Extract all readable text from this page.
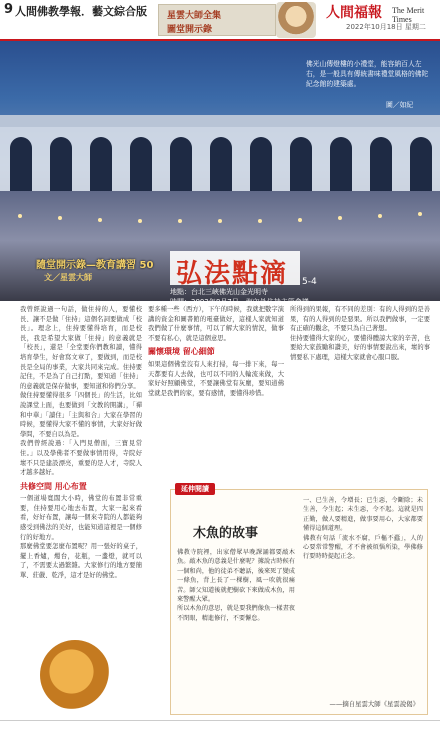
9 人間佛教學報．藝文綜合版 星雲大師全集
圖堂開示錄
人間福報 The Merit Times
2022年10月18日 星期二
佛光山傳燈樓的小禮堂，能容納百人左右，是一般具有傳統書味禮堂風格的佛陀紀念館的建築處。
圖／如紀
隨堂開示錄—教育講習 50
文／星雲大師	弘法點滴 5-4
地點：台北三峽佛光山金光明寺
時間：2002年8月7日　海內外住持主管會議

我曾經說過一句話，做住持的人，要懂校長、讓不是做「住持」這個名詞要做成「校長」。理念上，住持要懂得培育，而是校長，我是希望大家做「住持」的意義就是「校長」，還是「全堂要你們教和讀，懂得培育學生，好會寫文章了，要做到，而是校長是全局的事業，大家共同來完成。住持要記住，不是為了自己打點，要知道「住持」的意義就是保存做事，要知道和你們分享。

做住持要懂得很多「四個長」的生活，比如說課堂上面，也要做到「文教的開講」，「禪和中華」「讀住」「主與和合」大家在學習的時候，要懂得大家不懂的事情，大家好好做學問，不要自以為是。

我們曾經說過：「入門見僧面，三寶見常住。」以及學佛者不要做事情用得，寺院好壞不只是建設漂亮，重要的是人才，寺院人才越多越好。

共修空間 用心布置

一個道場寬闊大小時，佛堂的布置非常重要，住持要用心地去布置，大家一起來看看，好好布置，讓每一個來寺院的人都能夠感受到佛法的美好，也能知道這裡是一個修行的好地方。

那麼佛堂要怎麼布置呢？用一張好的桌子，擺上香爐，燭台，花瓶，一盞燈，就可以了，不需要太過繁雜。大家修行的地方要簡單、莊嚴、乾淨，這才是好的佛堂。

要多種一些（西方），下午的時候，我就把數字演講的資金和圖書館的電臺做好，這樣人家就知道我們做了什麼事情，可以了解大家的情況，做事不要有私心，就是這個意思。

關懷環境 留心細節

如果這個佛堂沒有人來打掃，每一排下來，每一天都要有人去做，也可以不同的人輪流來做，大家好好照顧佛堂，不要讓佛堂有灰塵，要知道佛堂就是我們的家，要有感情，要懂得珍惜。

所得到的果報，有不同的差別：有的人得到的是善果，有的人得到的是惡果。所以我們做事，一定要有正確的觀念，不要只為自己著想。

住持要懂得大家的心，要懂得體諒大家的辛苦，也要給大家鼓勵和讚美，好的事情要說出來，壞的事情要私下處理，這樣大家就會心服口服。

延伸閱讀
木魚的故事

佛教寺院裡，出家僧眾早晚課誦都要敲木魚。敲木魚的意義是什麼呢？據說古時候有一個和尚，他的徒弟不聽話，後來死了變成一條魚，背上長了一棵樹，風一吹就很痛苦。師父知道後就把樹砍下來做成木魚，用來警醒大眾。

所以木魚的意思，就是要我們像魚一樣晝夜不閉眼，精進修行，不要懈怠。

一、已生善，令增長；已生惡，令斷除；未生善，令生起；未生惡，令不起。這就是四正勤，做人要精進，做事要用心，大家都要懂得這個道理。

佛教有句話「流水不腐，戶樞不蠹」，人的心要常常警醒，才不會被煩惱所染，學佛修行要時時提起正念。

——摘自星雲大師《星雲說偈》
